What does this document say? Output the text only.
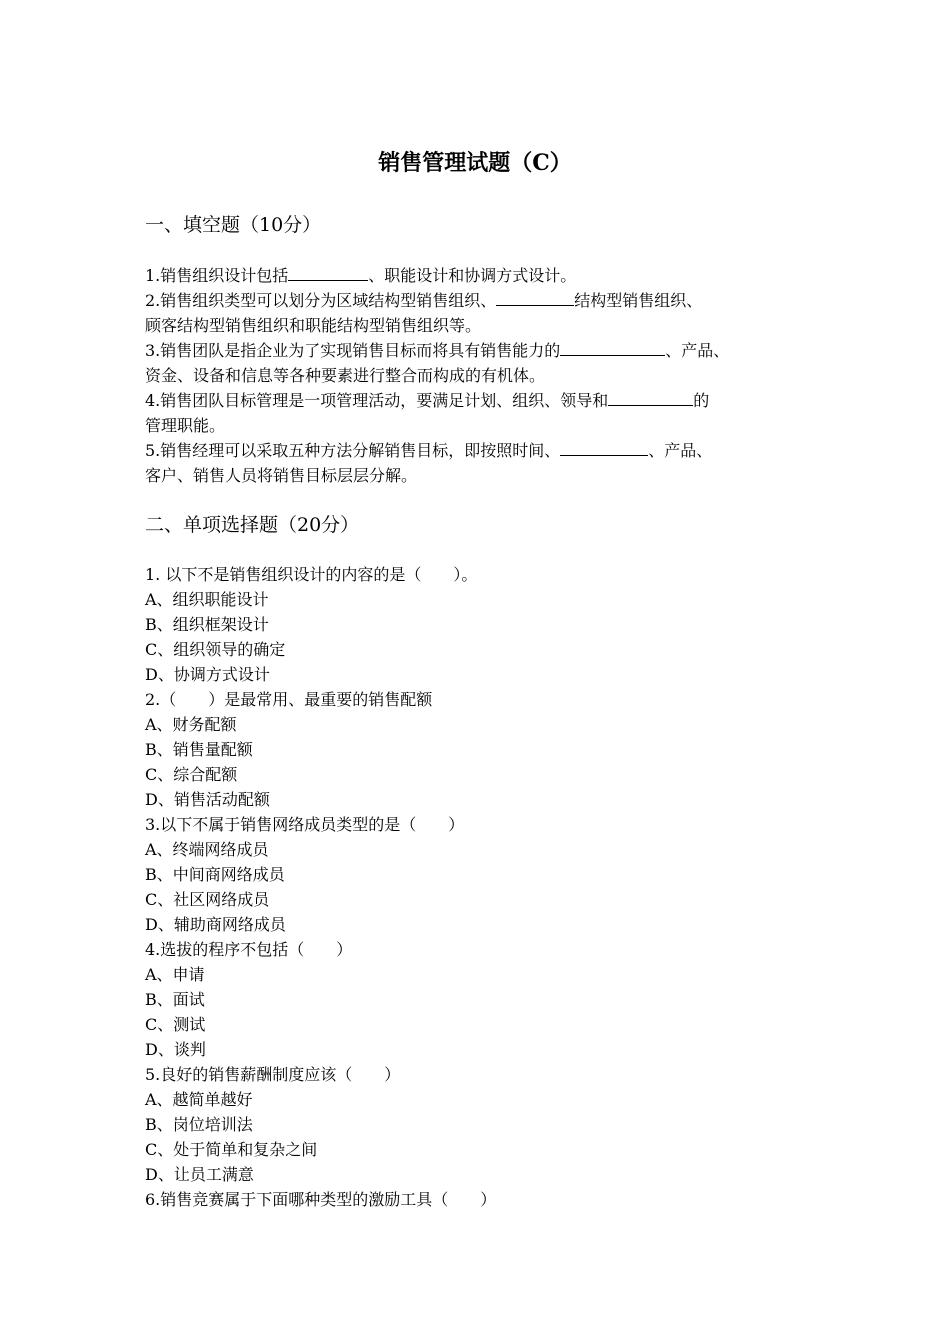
销售管理试题（C）
一、填空题（10分）
1.销售组织设计包括	、职能设计和协调方式设计。
2.销售组织类型可以划分为区域结构型销售组织、	结构型销售组织、
顾客结构型销售组织和职能结构型销售组织等。
3.销售团队是指企业为了实现销售目标而将具有销售能力的	、产品、
资金、设备和信息等各种要素进行整合而构成的有机体。
4.销售团队目标管理是一项管理活动，要满足计划、组织、领导和	的
管理职能。
5.销售经理可以采取五种方法分解销售目标，即按照时间、	、产品、
客户、销售人员将销售目标层层分解。
二、单项选择题（20分）
1. 以下不是销售组织设计的内容的是（　　）。
A、组织职能设计
B、组织框架设计
C、组织领导的确定
D、协调方式设计
2.（　　）是最常用、最重要的销售配额
A、财务配额
B、销售量配额
C、综合配额
D、销售活动配额
3.以下不属于销售网络成员类型的是（　　）
A、终端网络成员
B、中间商网络成员
C、社区网络成员
D、辅助商网络成员
4.选拔的程序不包括（　　）
A、申请
B、面试
C、测试
D、谈判
5.良好的销售薪酬制度应该（　　）
A、越简单越好
B、岗位培训法
C、处于简单和复杂之间
D、让员工满意
6.销售竞赛属于下面哪种类型的激励工具（　　）
